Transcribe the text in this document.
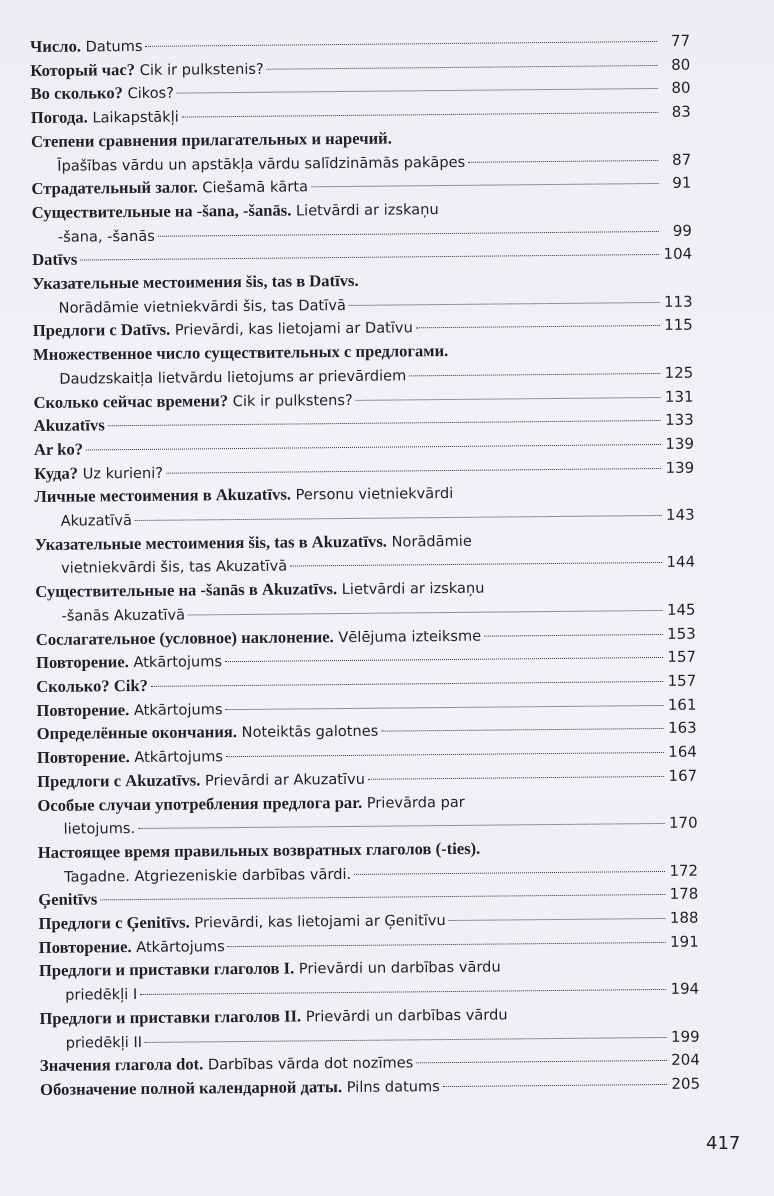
Число. Datums	77
Который час? Cik ir pulkstenis?	80
Во сколько? Cikos?	80
Погода. Laikapstākļi	83
Степени сравнения прилагательных и наречий.
Īpašības vārdu un apstākļa vārdu salīdzināmās pakāpes	87
Страдательный залог. Ciešamā kārta	91
Существительные на -šana, -šanās. Lietvārdi ar izskaņu
-šana, -šanās	99
Datīvs	104
Указательные местоимения šis, tas в Datīvs.
Norādāmie vietniekvārdi šis, tas Datīvā	113
Предлоги с Datīvs. Prievārdi, kas lietojami ar Datīvu	115
Множественное число существительных с предлогами.
Daudzskaitļa lietvārdu lietojums ar prievārdiem	125
Сколько сейчас времени? Cik ir pulkstens?	131
Akuzatīvs	133
Ar ko?	139
Куда? Uz kurieni?	139
Личные местоимения в Akuzatīvs. Personu vietniekvārdi
Akuzatīvā	143
Указательные местоимения šis, tas в Akuzatīvs. Norādāmie
vietniekvārdi šis, tas Akuzatīvā	144
Существительные на -šanās в Akuzatīvs. Lietvārdi ar izskaņu
-šanās Akuzatīvā	145
Сослагательное (условное) наклонение. Vēlējuma izteiksme	153
Повторение. Atkārtojums	157
Сколько? Cik?	157
Повторение. Atkārtojums	161
Определённые окончания. Noteiktās galotnes	163
Повторение. Atkārtojums	164
Предлоги с Akuzatīvs. Prievārdi ar Akuzatīvu	167
Особые случаи употребления предлога par. Prievārda par
lietojums.	170
Настоящее время правильных возвратных глаголов (-ties).
Tagadne. Atgriezeniskie darbības vārdi.	172
Ģenitīvs	178
Предлоги с Ģenitīvs. Prievārdi, kas lietojami ar Ģenitīvu	188
Повторение. Atkārtojums	191
Предлоги и приставки глаголов I. Prievārdi un darbības vārdu
priedēkļi I	194
Предлоги и приставки глаголов II. Prievārdi un darbības vārdu
priedēkļi II	199
Значения глагола dot. Darbības vārda dot nozīmes	204
Обозначение полной календарной даты. Pilns datums	205
417
